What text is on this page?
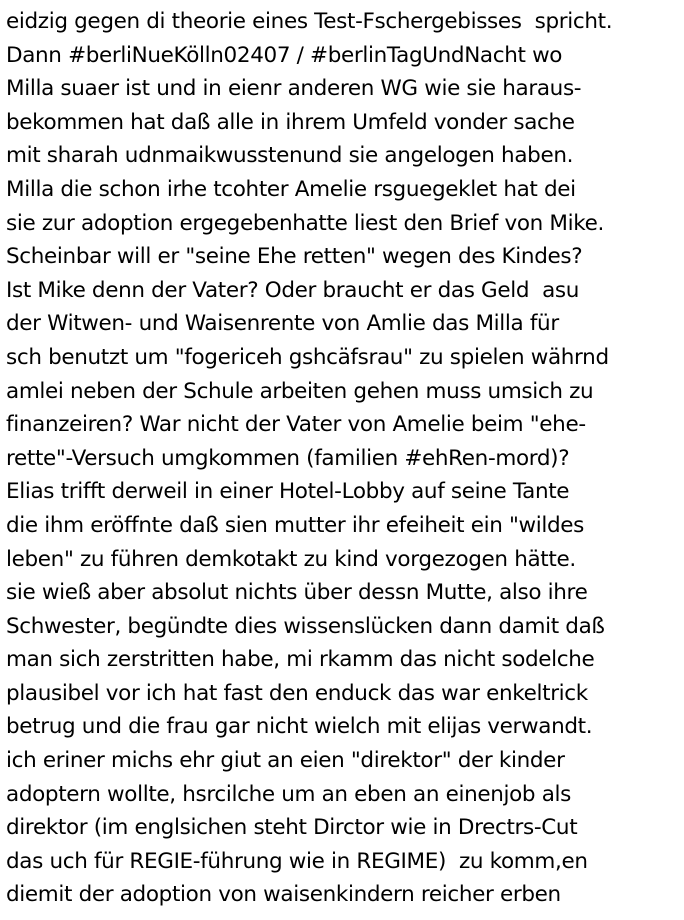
eidzig gegen di theorie eines Test-Fschergebisses  spricht.
Dann #berliNueKölln02407 / #berlinTagUndNacht wo
Milla suaer ist und in eienr anderen WG wie sie haraus-
bekommen hat daß alle in ihrem Umfeld vonder sache
mit sharah udnmaikwusstenund sie angelogen haben.
Milla die schon irhe tcohter Amelie rsguegeklet hat dei
sie zur adoption ergegebenhatte liest den Brief von Mike.
Scheinbar will er "seine Ehe retten" wegen des Kindes?
Ist Mike denn der Vater? Oder braucht er das Geld  asu
der Witwen- und Waisenrente von Amlie das Milla für
sch benutzt um "fogericeh gshcäfsrau" zu spielen währnd
amlei neben der Schule arbeiten gehen muss umsich zu
finanzeiren? War nicht der Vater von Amelie beim "ehe-
rette"-Versuch umgkommen (familien #ehRen-mord)?
Elias trifft derweil in einer Hotel-Lobby auf seine Tante
die ihm eröffnte daß sien mutter ihr efeiheit ein "wildes
leben" zu führen demkotakt zu kind vorgezogen hätte.
sie wieß aber absolut nichts über dessn Mutte, also ihre
Schwester, begündte dies wissenslücken dann damit daß
man sich zerstritten habe, mi rkamm das nicht sodelche
plausibel vor ich hat fast den enduck das war enkeltrick
betrug und die frau gar nicht wielch mit elijas verwandt.
ich eriner michs ehr giut an eien "direktor" der kinder
adoptern wollte, hsrcilche um an eben an einenjob als
direktor (im englsichen steht Dirctor wie in Drectrs-Cut
das uch für REGIE-führung wie in REGIME)  zu komm,en
diemit der adoption von waisenkindern reicher erben
